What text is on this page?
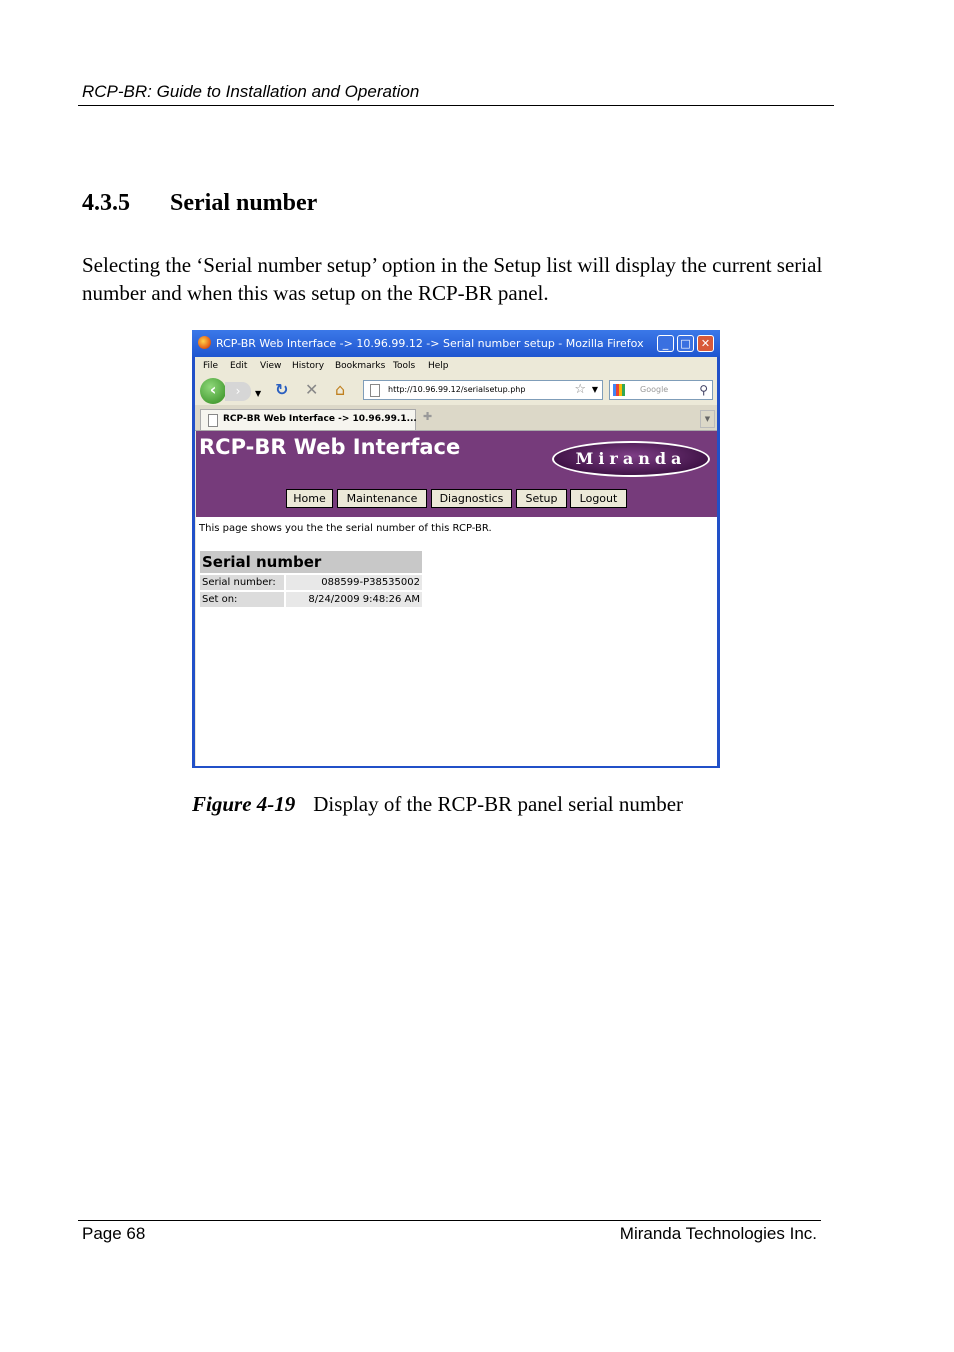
RCP-BR: Guide to Installation and Operation
4.3.5 Serial number
Selecting the ‘Serial number setup’ option in the Setup list will display the current serial number and when this was setup on the RCP-BR panel.
RCP-BR Web Interface -> 10.96.99.12 -> Serial number setup - Mozilla Firefox	_	□ ✕
File Edit View History Bookmarks Tools Help
‹	›	▼ ↻ ✕ ⌂	http://10.96.99.12/serialsetup.php	☆ ▼	Google	⚲
RCP-BR Web Interface -> 10.96.99.1... ✚	▼
RCP-BR Web Interface	Miranda
Home	Maintenance	Diagnostics	Setup	Logout
This page shows you the the serial number of this RCP-BR.
Serial number
Serial number:	088599-P38535002
Set on:	8/24/2009 9:48:26 AM
Figure 4-19 Display of the RCP-BR panel serial number
Page 68	Miranda Technologies Inc.
